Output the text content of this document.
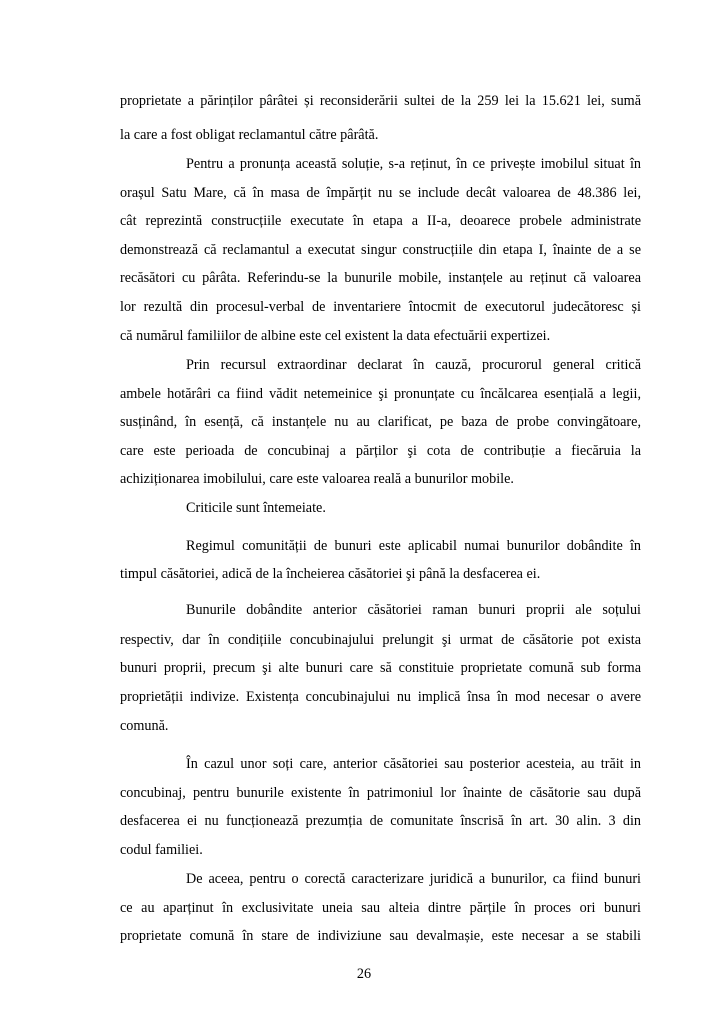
proprietate a părinților pârâtei și reconsiderării sultei de la 259 lei la 15.621 lei, sumă
la care a fost obligat reclamantul către pârâtă.
Pentru a pronunța această soluție, s-a reținut, în ce privește imobilul situat în
orașul Satu Mare, că în masa de împărțit nu se include decât valoarea de 48.386 lei,
cât reprezintă construcțiile executate în etapa a II-a, deoarece probele administrate
demonstrează că reclamantul a executat singur construcțiile din etapa I, înainte de a se
recăsători cu pârâta. Referindu-se la bunurile mobile, instanțele au reținut că valoarea
lor rezultă din procesul-verbal de inventariere întocmit de executorul judecătoresc și
că numărul familiilor de albine este cel existent la data efectuării expertizei.
Prin recursul extraordinar declarat în cauză, procurorul general critică
ambele hotărâri ca fiind vădit netemeinice şi pronunțate cu încălcarea esențială a legii,
susținând, în esență, că instanțele nu au clarificat, pe baza de probe convingătoare,
care este perioada de concubinaj a părților şi cota de contribuție a fiecăruia la
achiziționarea imobilului, care este valoarea reală a bunurilor mobile.
Criticile sunt întemeiate.
Regimul comunității de bunuri este aplicabil numai bunurilor dobândite în
timpul căsătoriei, adică de la încheierea căsătoriei şi până la desfacerea ei.
Bunurile dobândite anterior căsătoriei raman bunuri proprii ale soțului
respectiv, dar în condițiile concubinajului prelungit şi urmat de căsătorie pot exista
bunuri proprii, precum şi alte bunuri care să constituie proprietate comună sub forma
proprietății indivize. Existența concubinajului nu implică însa în mod necesar o avere
comună.
În cazul unor soți care, anterior căsătoriei sau posterior acesteia, au trăit in
concubinaj, pentru bunurile existente în patrimoniul lor înainte de căsătorie sau după
desfacerea ei nu funcționează prezumția de comunitate înscrisă în art. 30 alin. 3 din
codul familiei.
De aceea, pentru o corectă caracterizare juridică a bunurilor, ca fiind bunuri
ce au aparținut în exclusivitate uneia sau alteia dintre părțile în proces ori bunuri
proprietate comună în stare de indiviziune sau devalmașie, este necesar a se stabili
26
